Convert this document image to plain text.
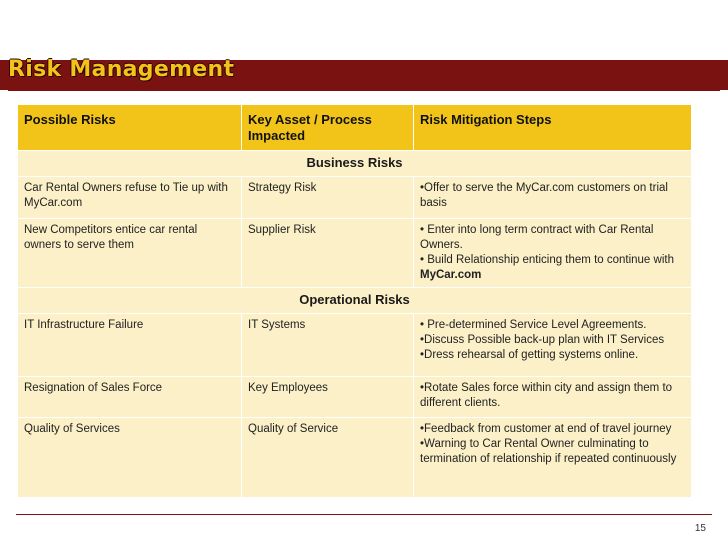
Risk Management
Possible Risks	Key Asset / Process Impacted	Risk Mitigation Steps
Business Risks		
Car Rental Owners refuse to Tie up with MyCar.com	Strategy Risk	•Offer to serve the MyCar.com customers on trial basis

New Competitors entice car rental owners to serve them	Supplier Risk	• Enter into long term contract with Car Rental Owners.
• Build Relationship enticing them to continue with MyCar.com

Operational Risks		
IT Infrastructure Failure	IT Systems	• Pre-determined Service Level Agreements.
•Discuss Possible back-up plan with IT Services
•Dress rehearsal of getting systems online.

Resignation of Sales Force	Key Employees	•Rotate Sales force within city and assign them to different clients.

Quality of Services	Quality of Service	•Feedback from customer at end of travel journey
•Warning to Car Rental Owner culminating to termination of relationship if repeated continuously
15
